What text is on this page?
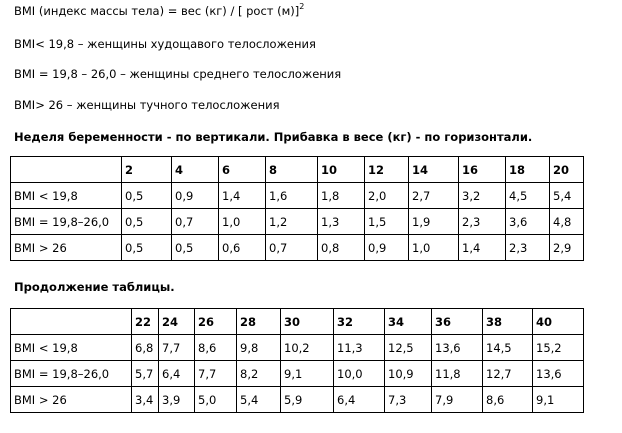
BMI (индекс массы тела) = вес (кг) / [ рост (м)]$^2$
BMI< 19,8 – женщины худощавого телосложения
BMI = 19,8 – 26,0 – женщины среднего телосложения
BMI> 26 – женщины тучного телосложения
Неделя беременности - по вертикали. Прибавка в весе (кг) - по горизонтали.
	2	4	6	8	10	12	14	16	18	20
BMI < 19,8	0,5	0,9	1,4	1,6	1,8	2,0	2,7	3,2	4,5	5,4
BMI = 19,8–26,0	0,5	0,7	1,0	1,2	1,3	1,5	1,9	2,3	3,6	4,8
BMI > 26	0,5	0,5	0,6	0,7	0,8	0,9	1,0	1,4	2,3	2,9
Продолжение таблицы.
	22	24	26	28	30	32	34	36	38	40
BMI < 19,8	6,8	7,7	8,6	9,8	10,2	11,3	12,5	13,6	14,5	15,2
BMI = 19,8–26,0	5,7	6,4	7,7	8,2	9,1	10,0	10,9	11,8	12,7	13,6
BMI > 26	3,4	3,9	5,0	5,4	5,9	6,4	7,3	7,9	8,6	9,1
